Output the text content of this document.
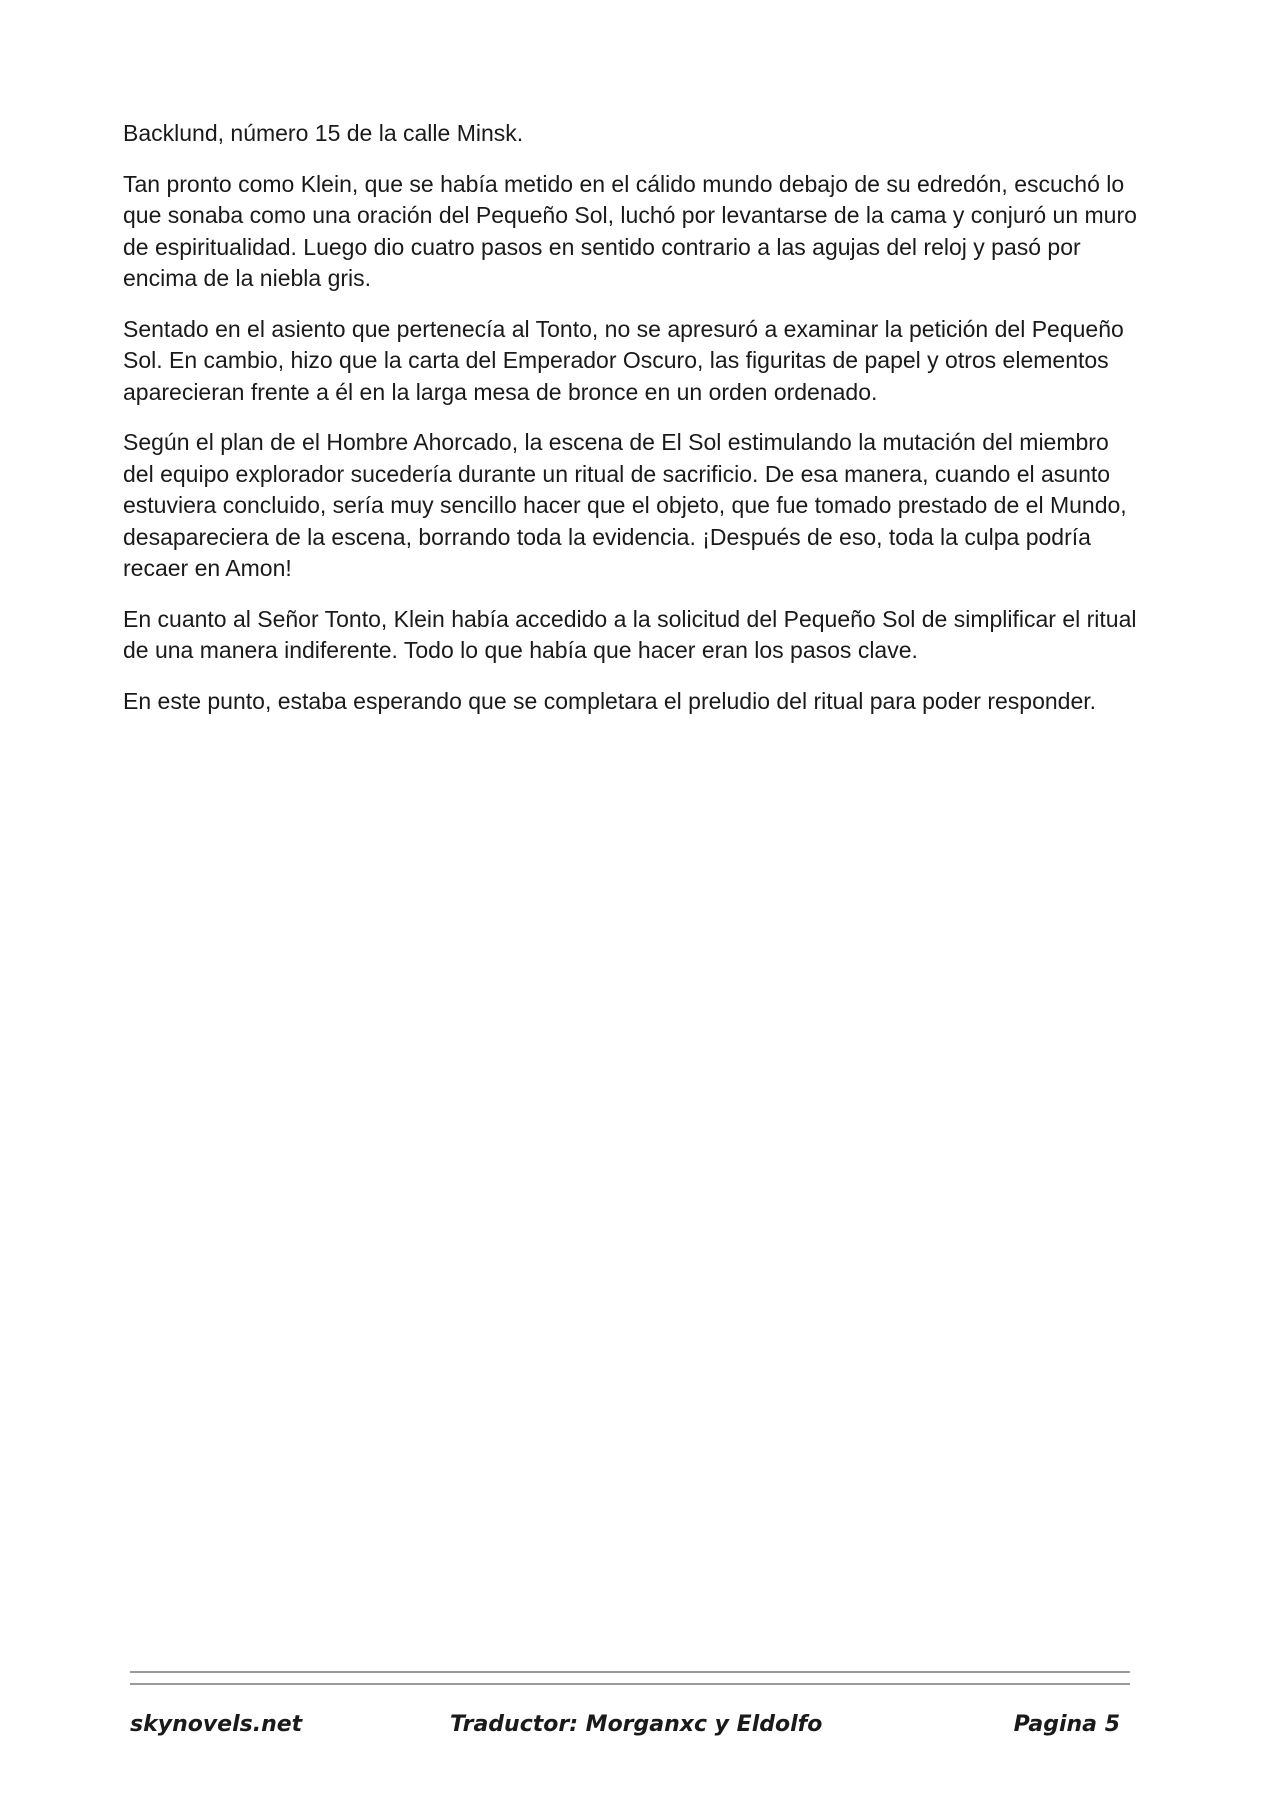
Backlund, número 15 de la calle Minsk.

Tan pronto como Klein, que se había metido en el cálido mundo debajo de su edredón, escuchó lo que sonaba como una oración del Pequeño Sol, luchó por levantarse de la cama y conjuró un muro de espiritualidad. Luego dio cuatro pasos en sentido contrario a las agujas del reloj y pasó por encima de la niebla gris.

Sentado en el asiento que pertenecía al Tonto, no se apresuró a examinar la petición del Pequeño Sol. En cambio, hizo que la carta del Emperador Oscuro, las figuritas de papel y otros elementos aparecieran frente a él en la larga mesa de bronce en un orden ordenado.

Según el plan de el Hombre Ahorcado, la escena de El Sol estimulando la mutación del miembro del equipo explorador sucedería durante un ritual de sacrificio. De esa manera, cuando el asunto estuviera concluido, sería muy sencillo hacer que el objeto, que fue tomado prestado de el Mundo, desapareciera de la escena, borrando toda la evidencia. ¡Después de eso, toda la culpa podría recaer en Amon!

En cuanto al Señor Tonto, Klein había accedido a la solicitud del Pequeño Sol de simplificar el ritual de una manera indiferente. Todo lo que había que hacer eran los pasos clave.

En este punto, estaba esperando que se completara el preludio del ritual para poder responder.

skynovels.net	Traductor: Morganxc y Eldolfo	Pagina 5
